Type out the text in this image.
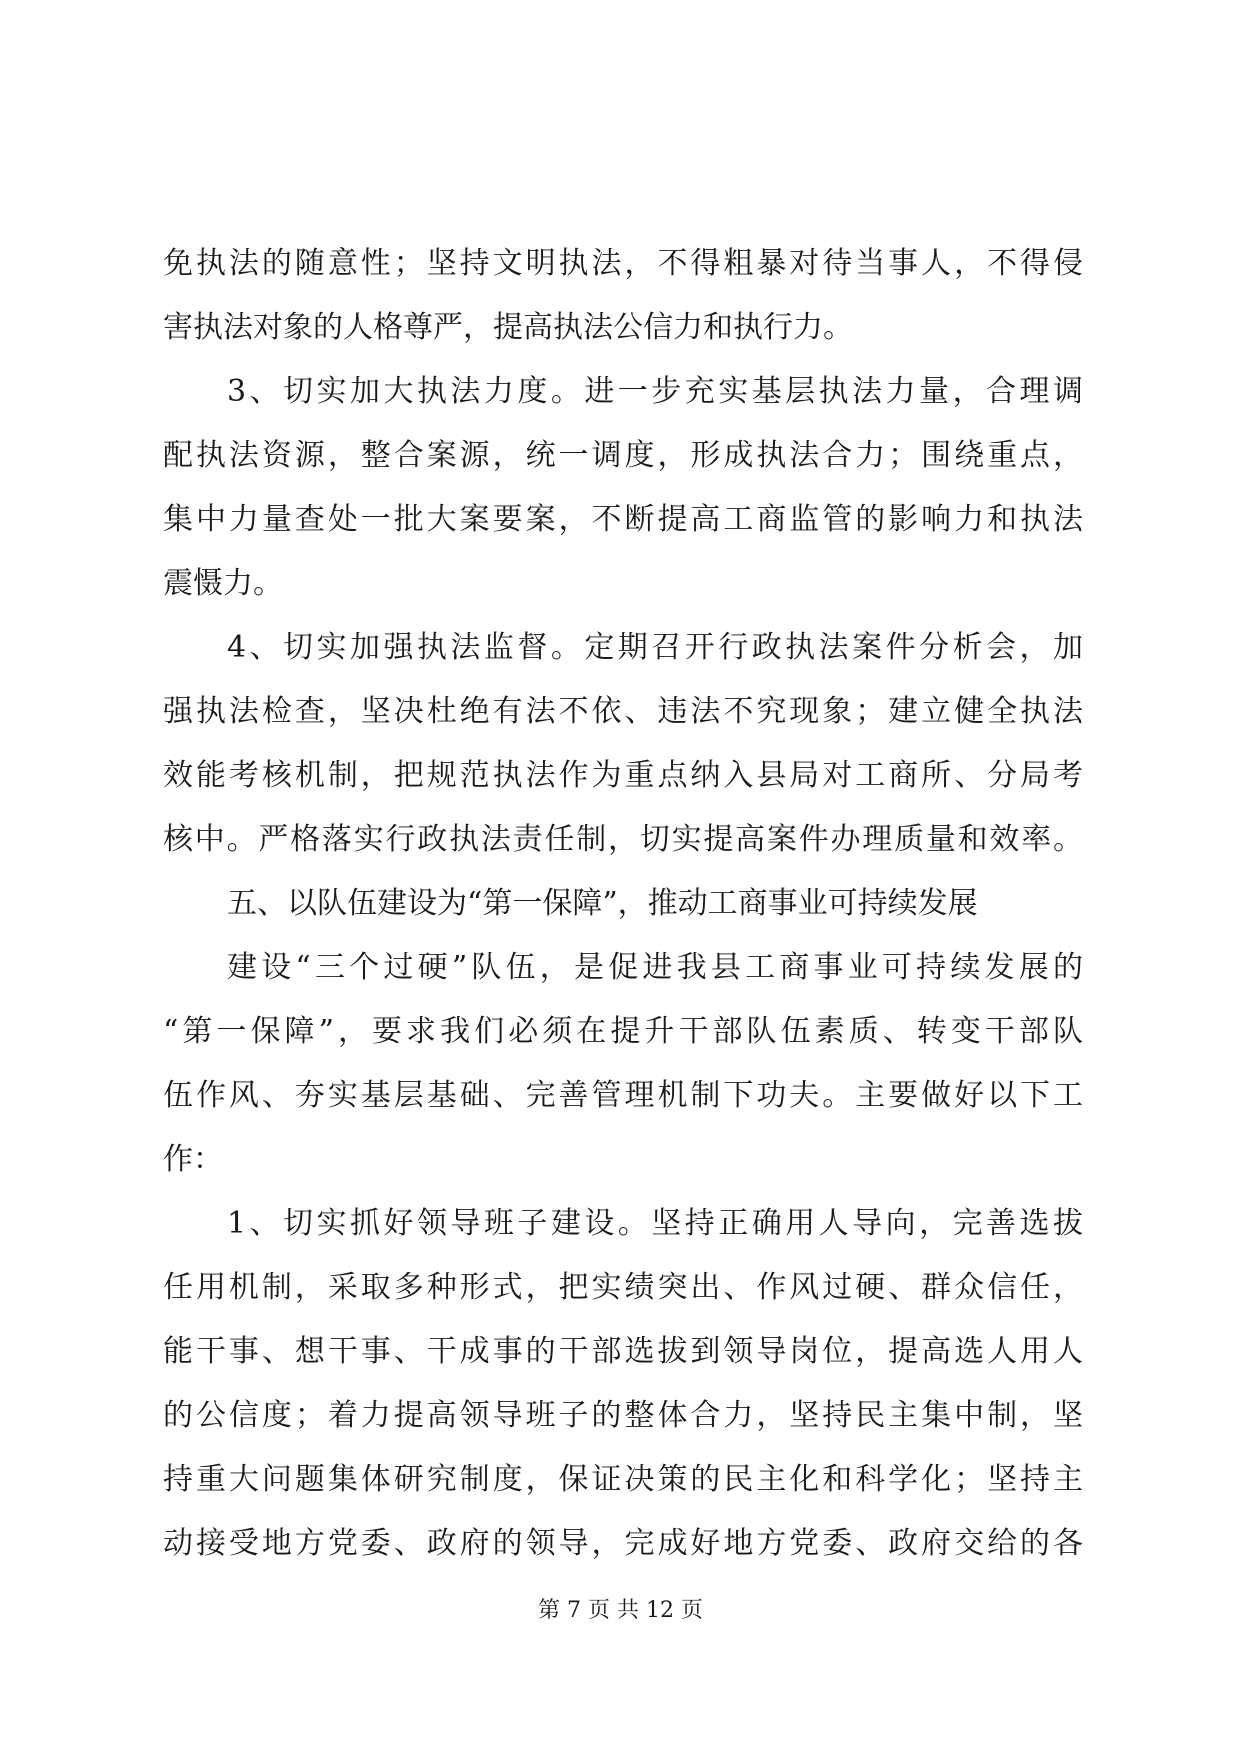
免执法的随意性；坚持文明执法，不得粗暴对待当事人，不得侵
害执法对象的人格尊严，提高执法公信力和执行力。
3、切实加大执法力度。进一步充实基层执法力量，合理调
配执法资源，整合案源，统一调度，形成执法合力；围绕重点，
集中力量查处一批大案要案，不断提高工商监管的影响力和执法
震慑力。
4、切实加强执法监督。定期召开行政执法案件分析会，加
强执法检查，坚决杜绝有法不依、违法不究现象；建立健全执法
效能考核机制，把规范执法作为重点纳入县局对工商所、分局考
核中。严格落实行政执法责任制，切实提高案件办理质量和效率。
五、以队伍建设为“第一保障”，推动工商事业可持续发展
建设“三个过硬”队伍，是促进我县工商事业可持续发展的
“第一保障”，要求我们必须在提升干部队伍素质、转变干部队
伍作风、夯实基层基础、完善管理机制下功夫。主要做好以下工
作：
1、切实抓好领导班子建设。坚持正确用人导向，完善选拔
任用机制，采取多种形式，把实绩突出、作风过硬、群众信任，
能干事、想干事、干成事的干部选拔到领导岗位，提高选人用人
的公信度；着力提高领导班子的整体合力，坚持民主集中制，坚
持重大问题集体研究制度，保证决策的民主化和科学化；坚持主
动接受地方党委、政府的领导，完成好地方党委、政府交给的各
第 7 页 共 12 页
